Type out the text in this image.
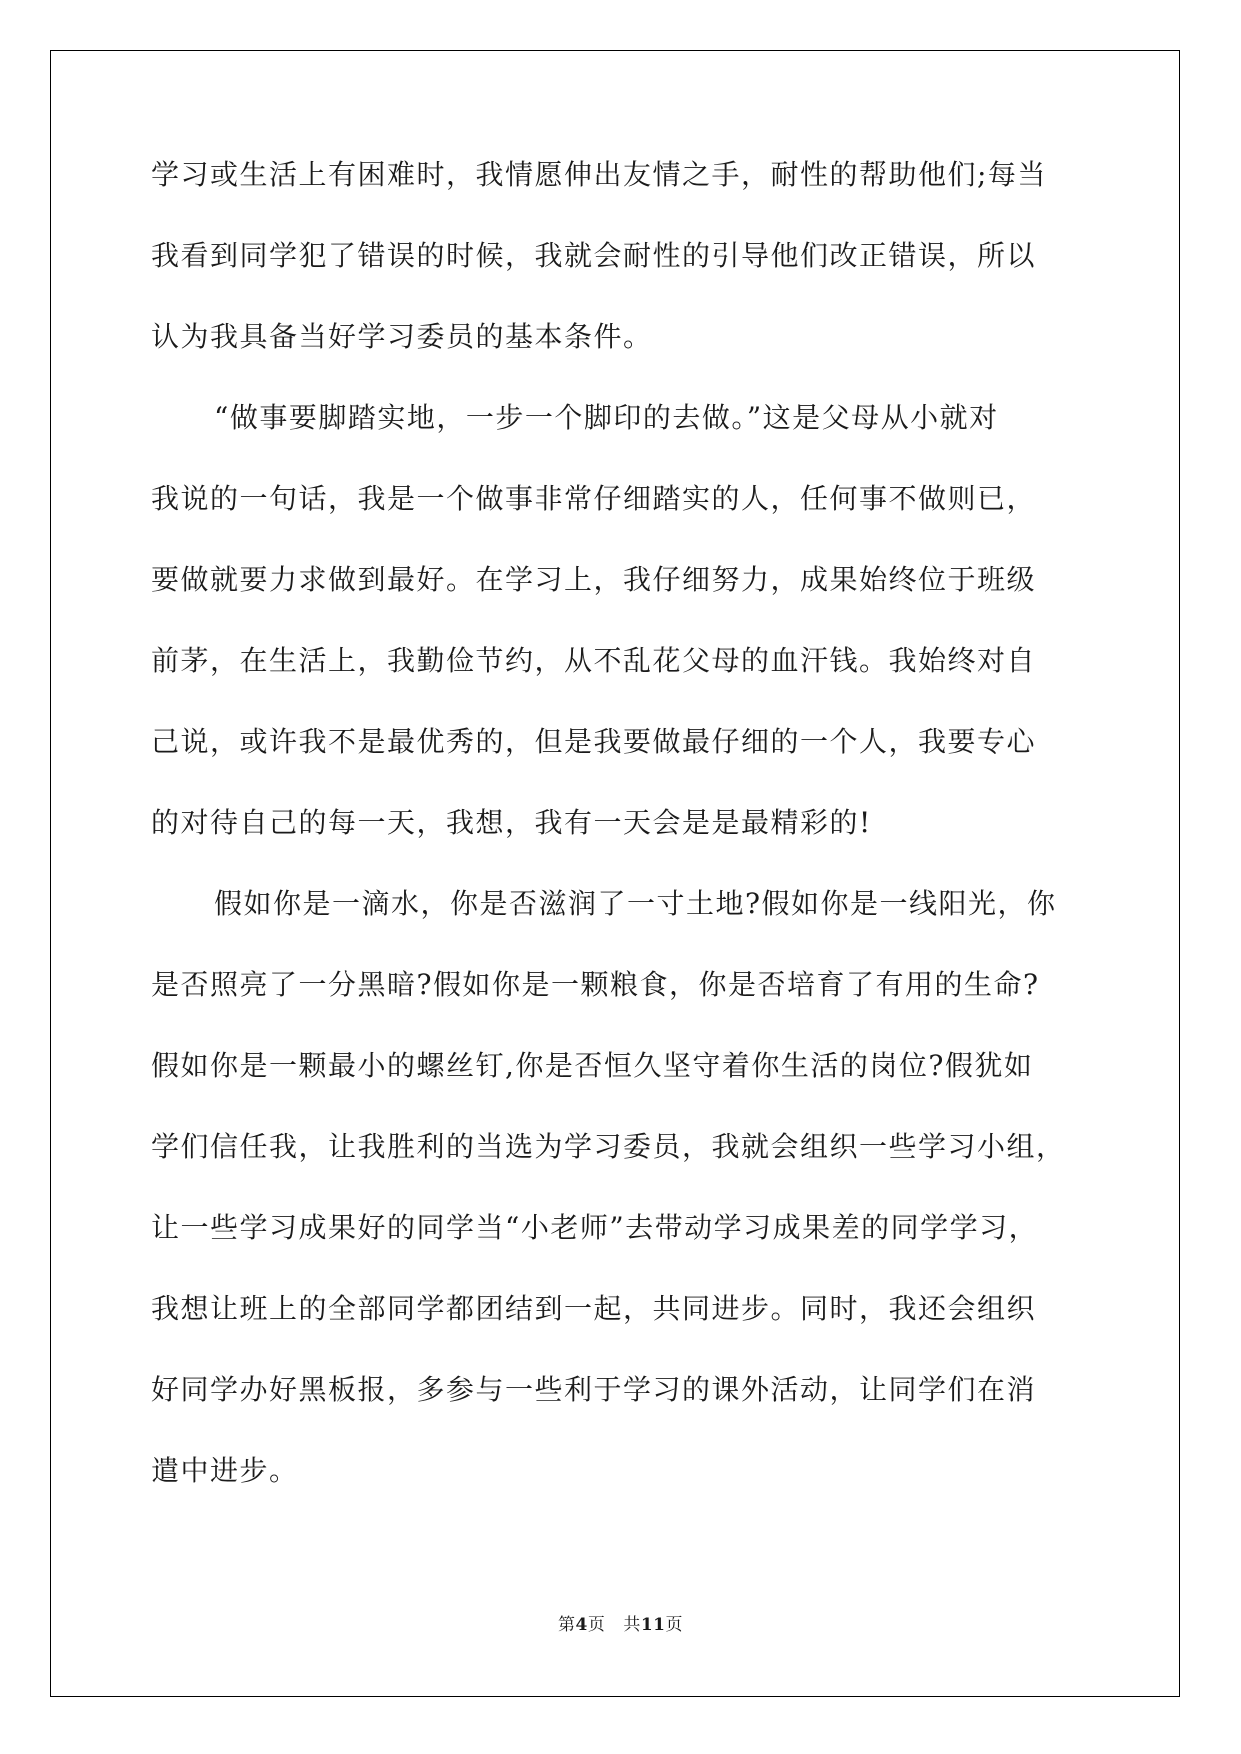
学习或生活上有困难时，我情愿伸出友情之手，耐性的帮助他们;每当
我看到同学犯了错误的时候，我就会耐性的引导他们改正错误，所以
认为我具备当好学习委员的基本条件。
“做事要脚踏实地，一步一个脚印的去做。”这是父母从小就对
我说的一句话，我是一个做事非常仔细踏实的人，任何事不做则已，
要做就要力求做到最好。在学习上，我仔细努力，成果始终位于班级
前茅，在生活上，我勤俭节约，从不乱花父母的血汗钱。我始终对自
己说，或许我不是最优秀的，但是我要做最仔细的一个人，我要专心
的对待自己的每一天，我想，我有一天会是是最精彩的!
假如你是一滴水，你是否滋润了一寸土地?假如你是一线阳光，你
是否照亮了一分黑暗?假如你是一颗粮食，你是否培育了有用的生命?
假如你是一颗最小的螺丝钉,你是否恒久坚守着你生活的岗位?假犹如
学们信任我，让我胜利的当选为学习委员，我就会组织一些学习小组，
让一些学习成果好的同学当“小老师”去带动学习成果差的同学学习，
我想让班上的全部同学都团结到一起，共同进步。同时，我还会组织
好同学办好黑板报，多参与一些利于学习的课外活动，让同学们在消
遣中进步。
第4页 共11页
